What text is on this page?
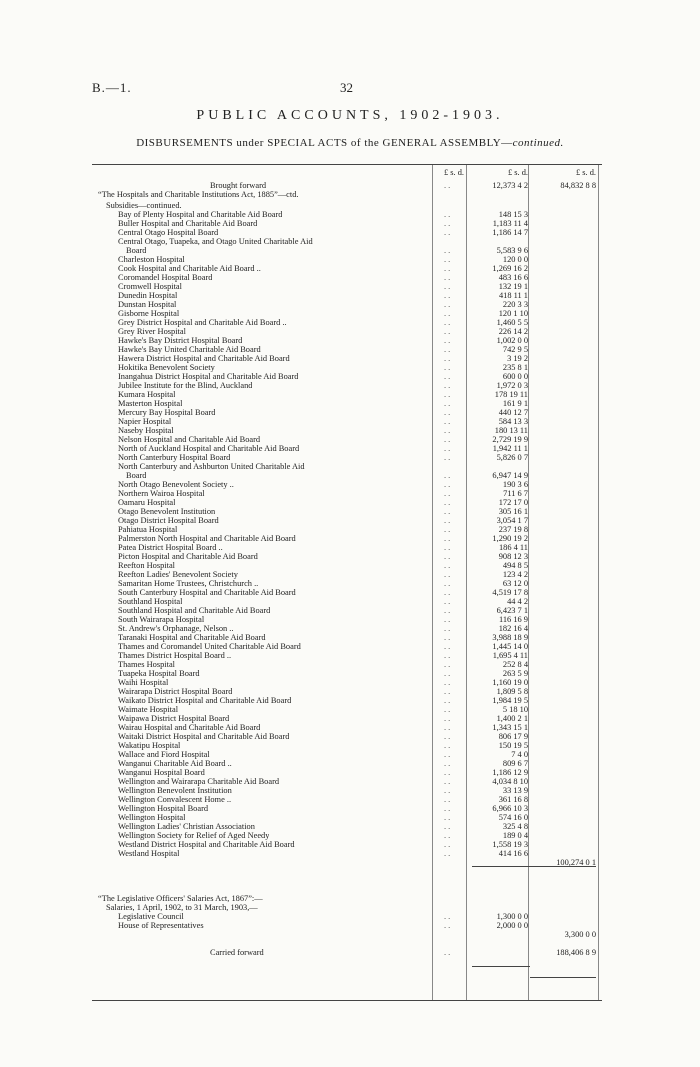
B.—1.	32
PUBLIC ACCOUNTS, 1902-1903.
DISBURSEMENTS under SPECIAL ACTS of the GENERAL ASSEMBLY—continued.
£ s. d.	£ s. d.	£ s. d.
Brought forward	..	12,373 4 2	84,832 8 8
“The Hospitals and Charitable Institutions Act, 1885”—ctd.
Subsidies—continued.
Bay of Plenty Hospital and Charitable Aid Board	..	148 15 3
Buller Hospital and Charitable Aid Board	..	1,183 11 4
Central Otago Hospital Board	..	1,186 14 7
Central Otago, Tuapeka, and Otago United Charitable Aid
Board	..	5,583 9 6
Charleston Hospital	..	120 0 0
Cook Hospital and Charitable Aid Board ..	..	1,269 16 2
Coromandel Hospital Board	..	483 16 6
Cromwell Hospital	..	132 19 1
Dunedin Hospital	..	418 11 1
Dunstan Hospital	..	220 3 3
Gisborne Hospital	..	120 1 10
Grey District Hospital and Charitable Aid Board ..	..	1,460 5 5
Grey River Hospital	..	226 14 2
Hawke's Bay District Hospital Board	..	1,002 0 0
Hawke's Bay United Charitable Aid Board	..	742 9 5
Hawera District Hospital and Charitable Aid Board	..	3 19 2
Hokitika Benevolent Society	..	235 8 1
Inangahua District Hospital and Charitable Aid Board	..	600 0 0
Jubilee Institute for the Blind, Auckland	..	1,972 0 3
Kumara Hospital	..	178 19 11
Masterton Hospital	..	161 9 1
Mercury Bay Hospital Board	..	440 12 7
Napier Hospital	..	584 13 3
Naseby Hospital	..	180 13 11
Nelson Hospital and Charitable Aid Board	..	2,729 19 9
North of Auckland Hospital and Charitable Aid Board	..	1,942 11 1
North Canterbury Hospital Board	..	5,826 0 7
North Canterbury and Ashburton United Charitable Aid
Board	..	6,947 14 9
North Otago Benevolent Society ..	..	190 3 6
Northern Wairoa Hospital	..	711 6 7
Oamaru Hospital	..	172 17 0
Otago Benevolent Institution	..	305 16 1
Otago District Hospital Board	..	3,054 1 7
Pahiatua Hospital	..	237 19 8
Palmerston North Hospital and Charitable Aid Board	..	1,290 19 2
Patea District Hospital Board ..	..	186 4 11
Picton Hospital and Charitable Aid Board	..	908 12 3
Reefton Hospital	..	494 8 5
Reefton Ladies' Benevolent Society	..	123 4 2
Samaritan Home Trustees, Christchurch ..	..	63 12 0
South Canterbury Hospital and Charitable Aid Board	..	4,519 17 8
Southland Hospital	..	44 4 2
Southland Hospital and Charitable Aid Board	..	6,423 7 1
South Wairarapa Hospital	..	116 16 9
St. Andrew's Orphanage, Nelson ..	..	182 16 4
Taranaki Hospital and Charitable Aid Board	..	3,988 18 9
Thames and Coromandel United Charitable Aid Board	..	1,445 14 0
Thames District Hospital Board ..	..	1,695 4 11
Thames Hospital	..	252 8 4
Tuapeka Hospital Board	..	263 5 9
Waihi Hospital	..	1,160 19 0
Wairarapa District Hospital Board	..	1,809 5 8
Waikato District Hospital and Charitable Aid Board	..	1,984 19 5
Waimate Hospital	..	5 18 10
Waipawa District Hospital Board	..	1,400 2 1
Wairau Hospital and Charitable Aid Board	..	1,343 15 1
Waitaki District Hospital and Charitable Aid Board	..	806 17 9
Wakatipu Hospital	..	150 19 5
Wallace and Fiord Hospital	..	7 4 0
Wanganui Charitable Aid Board ..	..	809 6 7
Wanganui Hospital Board	..	1,186 12 9
Wellington and Wairarapa Charitable Aid Board	..	4,034 8 10
Wellington Benevolent Institution	..	33 13 9
Wellington Convalescent Home ..	..	361 16 8
Wellington Hospital Board	..	6,966 10 3
Wellington Hospital	..	574 16 0
Wellington Ladies' Christian Association	..	325 4 8
Wellington Society for Relief of Aged Needy	..	189 0 4
Westland District Hospital and Charitable Aid Board	..	1,558 19 3
Westland Hospital	..	414 16 6
100,274 0 1
“The Legislative Officers' Salaries Act, 1867”:—
Salaries, 1 April, 1902, to 31 March, 1903,—
Legislative Council	..	1,300 0 0
House of Representatives	..	2,000 0 0
3,300 0 0
Carried forward	..	188,406 8 9
